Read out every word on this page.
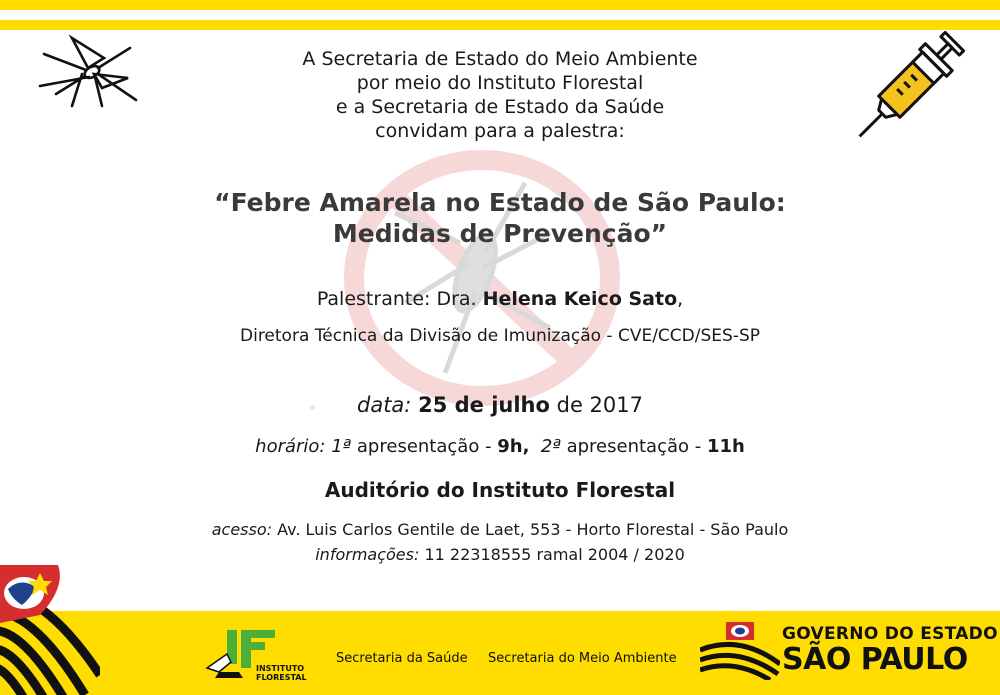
A Secretaria de Estado do Meio Ambiente
por meio do Instituto Florestal
e a Secretaria de Estado da Saúde
convidam para a palestra:
“Febre Amarela no Estado de São Paulo:
Medidas de Prevenção”
Palestrante: Dra. Helena Keico Sato,
Diretora Técnica da Divisão de Imunização - CVE/CCD/SES-SP
data: 25 de julho de 2017
horário: 1ª apresentação - 9h, 2ª apresentação - 11h
Auditório do Instituto Florestal
acesso: Av. Luis Carlos Gentile de Laet, 553 - Horto Florestal - São Paulo
informações: 11 22318555 ramal 2004 / 2020
INSTITUTO
FLORESTAL
Secretaria da Saúde Secretaria do Meio Ambiente
GOVERNO DO ESTADO
SÃO PAULO
